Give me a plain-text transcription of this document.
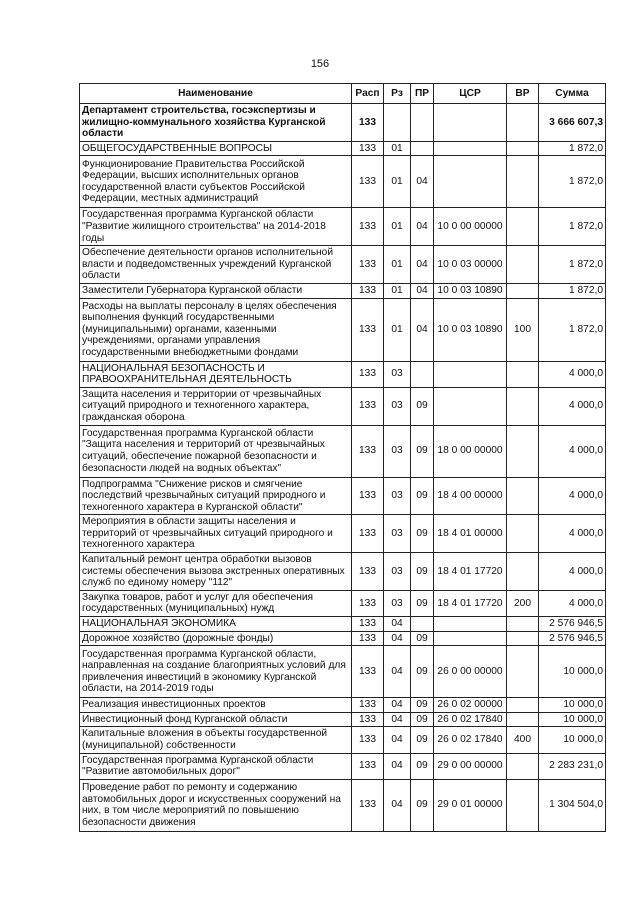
156
Наименование	Расп	Рз	ПР	ЦСР	ВР	Сумма
Департамент строительства, госэкспертизы и жилищно-коммунального хозяйства Курганской области	133					3 666 607,3
ОБЩЕГОСУДАРСТВЕННЫЕ ВОПРОСЫ	133	01				1 872,0
Функционирование Правительства Российской Федерации, высших исполнительных органов государственной власти субъектов Российской Федерации, местных администраций	133	01	04			1 872,0
Государственная программа Курганской области "Развитие жилищного строительства" на 2014-2018 годы	133	01	04	10 0 00 00000		1 872,0
Обеспечение деятельности органов исполнительной власти и подведомственных учреждений Курганской области	133	01	04	10 0 03 00000		1 872,0
Заместители Губернатора Курганской области	133	01	04	10 0 03 10890		1 872,0
Расходы на выплаты персоналу в целях обеспечения выполнения функций государственными (муниципальными) органами, казенными учреждениями, органами управления государственными внебюджетными фондами	133	01	04	10 0 03 10890	100	1 872,0
НАЦИОНАЛЬНАЯ БЕЗОПАСНОСТЬ И ПРАВООХРАНИТЕЛЬНАЯ ДЕЯТЕЛЬНОСТЬ	133	03				4 000,0
Защита населения и территории от чрезвычайных ситуаций природного и техногенного характера, гражданская оборона	133	03	09			4 000,0
Государственная программа Курганской области "Защита населения и территорий от чрезвычайных ситуаций, обеспечение пожарной безопасности и безопасности людей на водных объектах"	133	03	09	18 0 00 00000		4 000,0
Подпрограмма "Снижение рисков и смягчение последствий чрезвычайных ситуаций природного и техногенного характера в Курганской области"	133	03	09	18 4 00 00000		4 000,0
Мероприятия в области защиты населения и территорий от чрезвычайных ситуаций природного и техногенного характера	133	03	09	18 4 01 00000		4 000,0
Капитальный ремонт центра обработки вызовов системы обеспечения вызова экстренных оперативных служб по единому номеру "112"	133	03	09	18 4 01 17720		4 000,0
Закупка товаров, работ и услуг для обеспечения государственных (муниципальных) нужд	133	03	09	18 4 01 17720	200	4 000,0
НАЦИОНАЛЬНАЯ ЭКОНОМИКА	133	04				2 576 946,5
Дорожное хозяйство (дорожные фонды)	133	04	09			2 576 946,5
Государственная программа Курганской области, направленная на создание благоприятных условий для привлечения инвестиций в экономику Курганской области, на 2014-2019 годы	133	04	09	26 0 00 00000		10 000,0
Реализация инвестиционных проектов	133	04	09	26 0 02 00000		10 000,0
Инвестиционный фонд Курганской области	133	04	09	26 0 02 17840		10 000,0
Капитальные вложения в объекты государственной (муниципальной) собственности	133	04	09	26 0 02 17840	400	10 000,0
Государственная программа Курганской области "Развитие автомобильных дорог"	133	04	09	29 0 00 00000		2 283 231,0
Проведение работ по ремонту и содержанию автомобильных дорог и искусственных сооружений на них, в том числе мероприятий по повышению безопасности движения	133	04	09	29 0 01 00000		1 304 504,0
